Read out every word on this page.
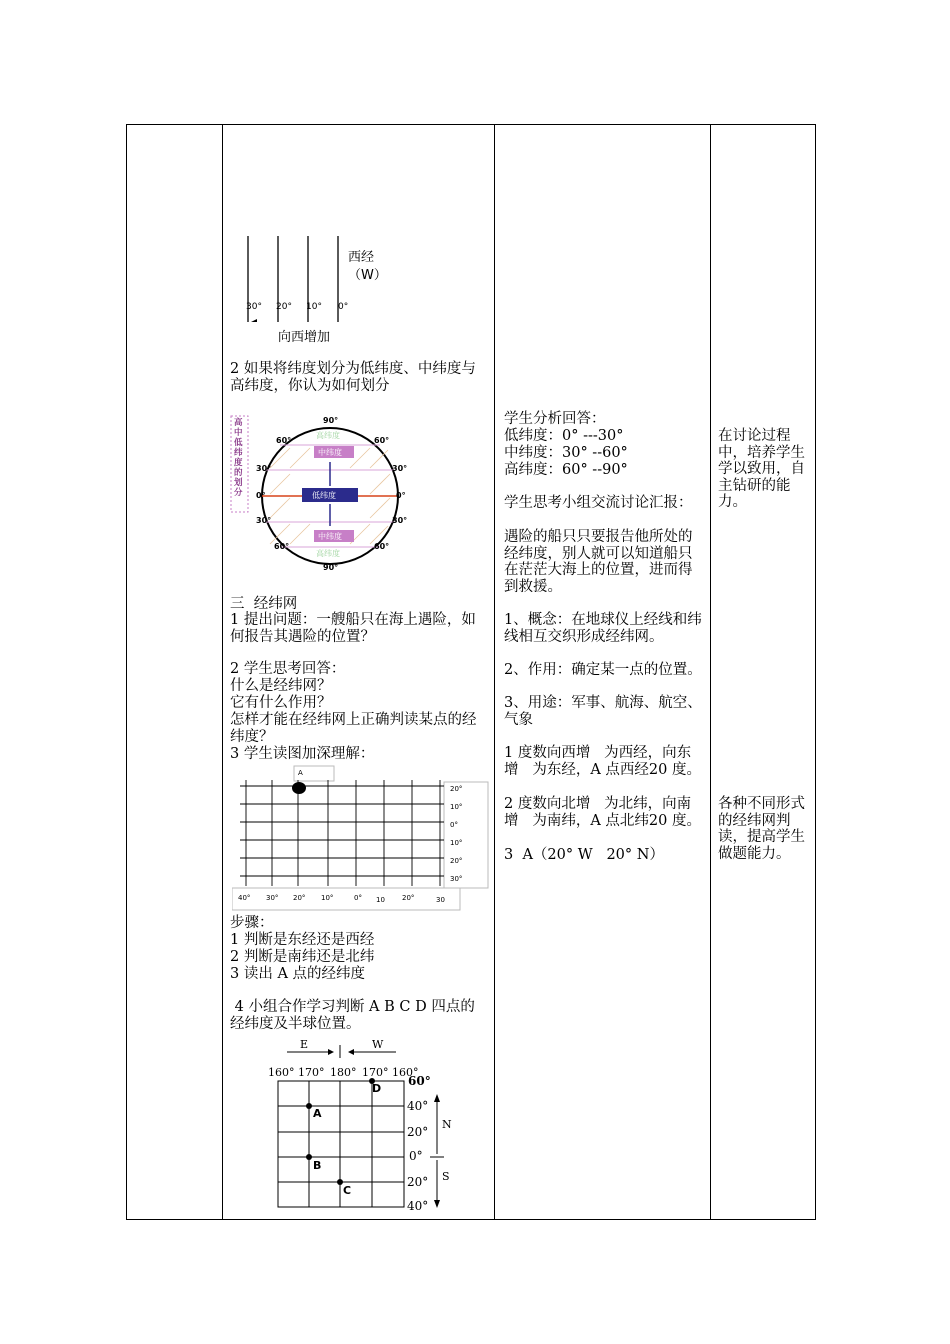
30° 20° 10° 0°
西经
（W）
向西增加
2 如果将纬度划分为低纬度、中纬度与高纬度，你认为如何划分
高中低纬度的划分
90°
90°
60°
30°
0°
30°
60°
60°
30°
0°
30°
60°
高纬度
中纬度
低纬度
中纬度
高纬度
三  经纬网
1 提出问题：一艘船只在海上遇险，如何报告其遇险的位置？
2 学生思考回答：
什么是经纬网？
它有什么作用？
怎样才能在经纬网上正确判读某点的经纬度？
3 学生读图加深理解：
A
20°
10°
0°
10°
20°
30°
40° 30° 20° 10°	0° 10 20°	30
步骤：
1 判断是东经还是西经
2 判断是南纬还是北纬
3 读出 A 点的经纬度
4 小组合作学习判断 A B C D 四点的经纬度及半球位置。
E	W
160° 170° 180° 170° 160°
60°
40°
20°
0°
20°
40°
N
S
A
B
C
D
学生分析回答：
低纬度：0° ---30°
中纬度：30° --60°
高纬度：60° --90°
学生思考小组交流讨论汇报：
遇险的船只只要报告他所处的经纬度，别人就可以知道船只在茫茫大海上的位置，进而得到救援。
1、概念：在地球仪上经线和纬线相互交织形成经纬网。
2、作用：确定某一点的位置。
3、用途：军事、航海、航空、气象
1 度数向西增   为西经，向东增   为东经，A 点西经20 度。
2 度数向北增   为北纬，向南增   为南纬，A 点北纬20 度。
3  A（20° W   20° N）
在讨论过程中，培养学生学以致用，自主钻研的能力。
各种不同形式的经纬网判读，提高学生做题能力。
